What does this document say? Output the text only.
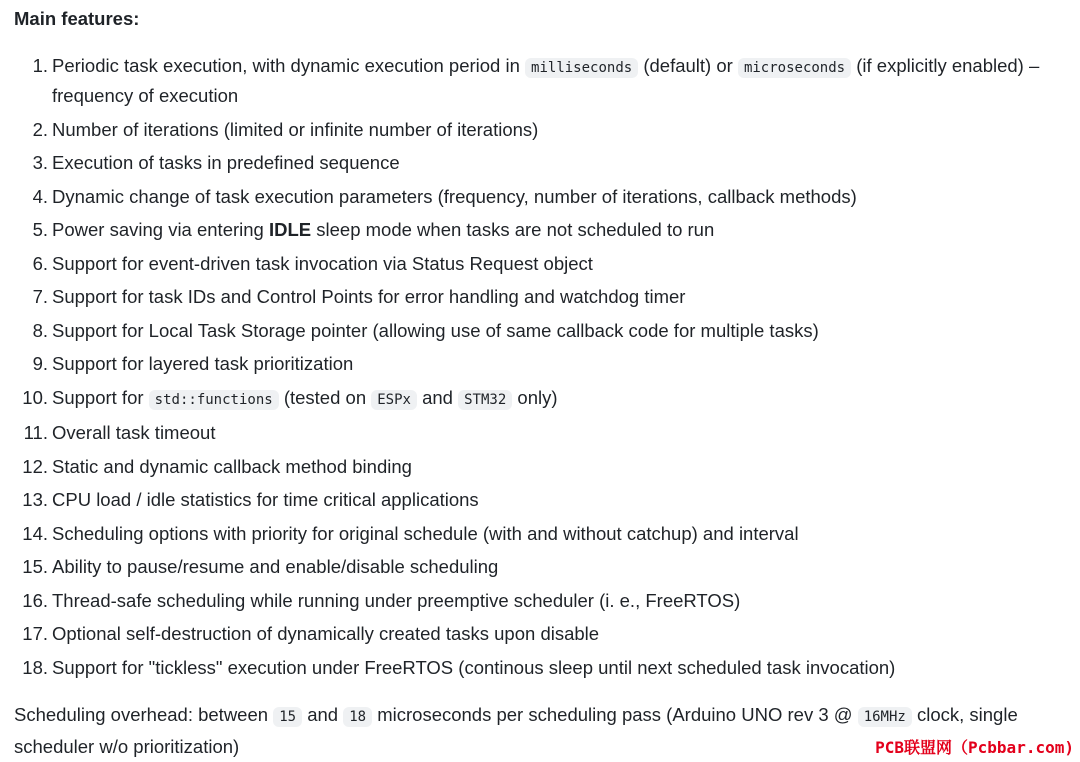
Main features:
1. Periodic task execution, with dynamic execution period in milliseconds (default) or microseconds (if explicitly enabled) – frequency of execution
2. Number of iterations (limited or infinite number of iterations)
3. Execution of tasks in predefined sequence
4. Dynamic change of task execution parameters (frequency, number of iterations, callback methods)
5. Power saving via entering IDLE sleep mode when tasks are not scheduled to run
6. Support for event-driven task invocation via Status Request object
7. Support for task IDs and Control Points for error handling and watchdog timer
8. Support for Local Task Storage pointer (allowing use of same callback code for multiple tasks)
9. Support for layered task prioritization
10. Support for std::functions (tested on ESPx and STM32 only)
11. Overall task timeout
12. Static and dynamic callback method binding
13. CPU load / idle statistics for time critical applications
14. Scheduling options with priority for original schedule (with and without catchup) and interval
15. Ability to pause/resume and enable/disable scheduling
16. Thread-safe scheduling while running under preemptive scheduler (i. e., FreeRTOS)
17. Optional self-destruction of dynamically created tasks upon disable
18. Support for "tickless" execution under FreeRTOS (continous sleep until next scheduled task invocation)

Scheduling overhead: between 15 and 18 microseconds per scheduling pass (Arduino UNO rev 3 @ 16MHz clock, single scheduler w/o prioritization)	PCB联盟网（Pcbbar.com)
